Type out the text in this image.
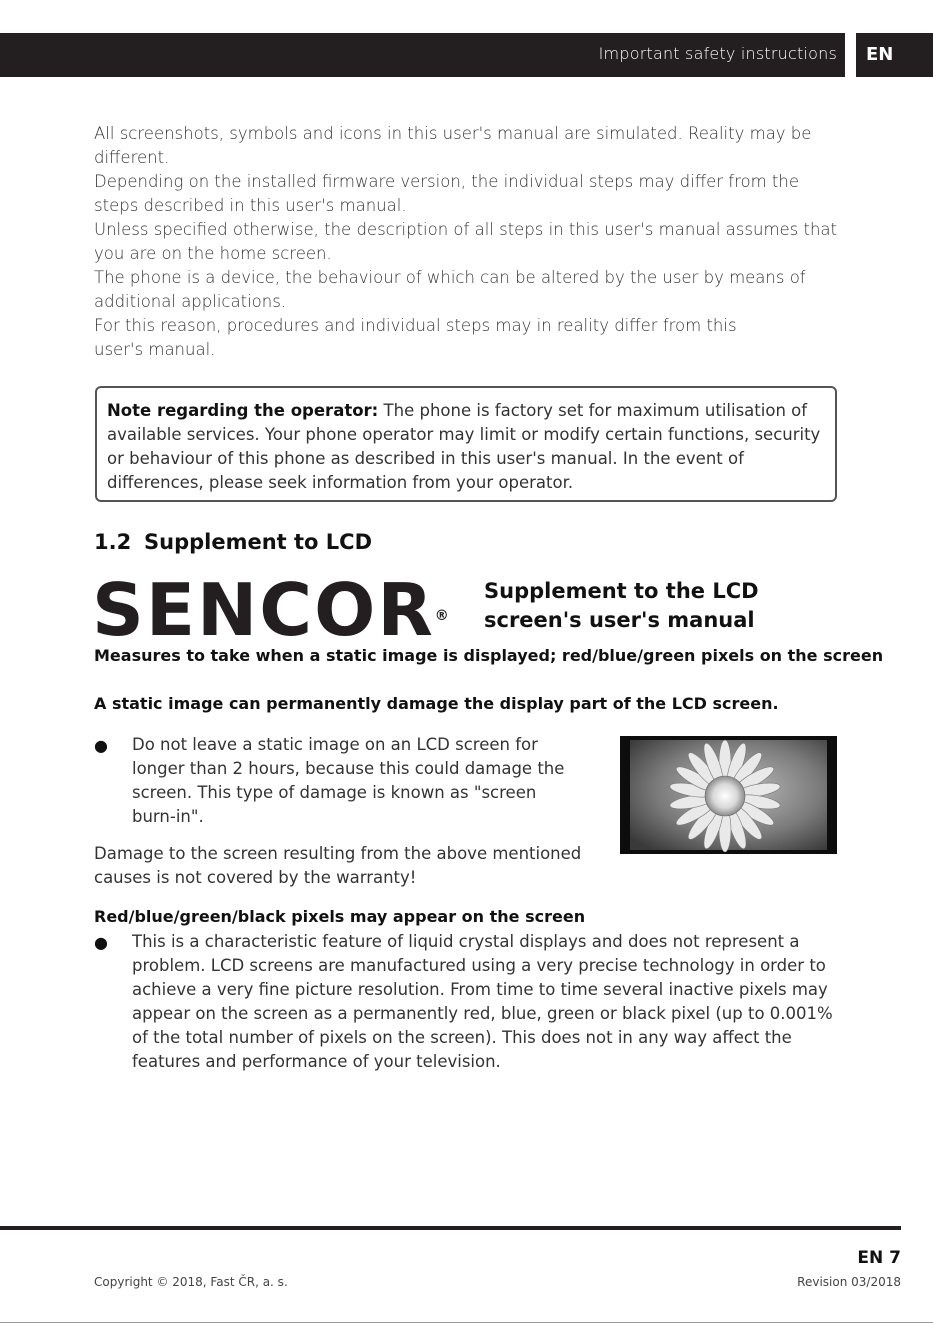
Important safety instructions	EN

All screenshots, symbols and icons in this user's manual are simulated. Reality may be different.

Depending on the installed firmware version, the individual steps may differ from the steps described in this user's manual.

Unless specified otherwise, the description of all steps in this user's manual assumes that you are on the home screen.

The phone is a device, the behaviour of which can be altered by the user by means of additional applications.

For this reason, procedures and individual steps may in reality differ from this

user's manual.

Note regarding the operator: The phone is factory set for maximum utilisation of available services. Your phone operator may limit or modify certain functions, security or behaviour of this phone as described in this user's manual. In the event of differences, please seek information from your operator.
1.2 Supplement to LCD
SENCOR®
Supplement to the LCD
screen's user's manual
Measures to take when a static image is displayed; red/blue/green pixels on the screen
A static image can permanently damage the display part of the LCD screen.
● Do not leave a static image on an LCD screen for longer than 2 hours, because this could damage the screen. This type of damage is known as "screen burn-in".
Damage to the screen resulting from the above mentioned causes is not covered by the warranty!
Red/blue/green/black pixels may appear on the screen
● This is a characteristic feature of liquid crystal displays and does not represent a problem. LCD screens are manufactured using a very precise technology in order to achieve a very fine picture resolution. From time to time several inactive pixels may appear on the screen as a permanently red, blue, green or black pixel (up to 0.001% of the total number of pixels on the screen). This does not in any way affect the features and performance of your television.
EN 7
Copyright © 2018, Fast ČR, a. s.	Revision 03/2018
